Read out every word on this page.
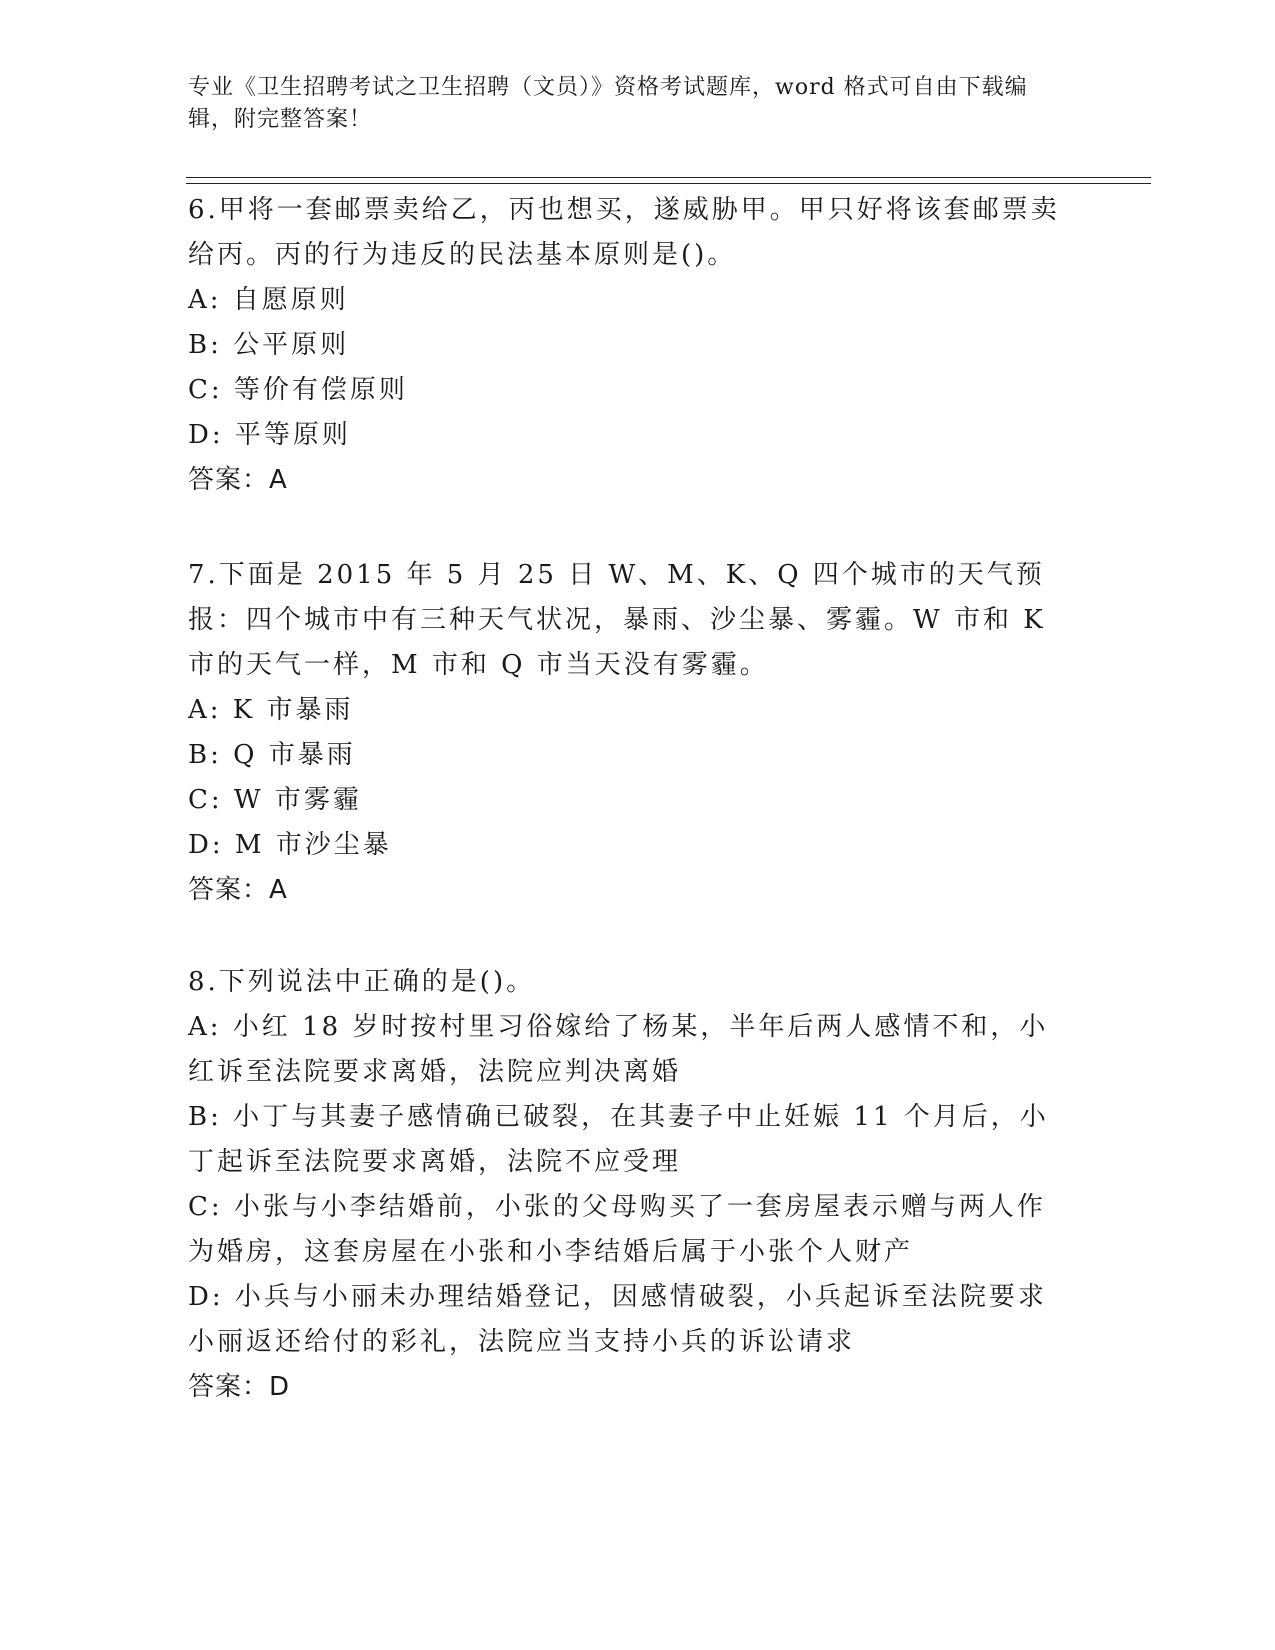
专业《卫生招聘考试之卫生招聘（文员）》资格考试题库，word 格式可自由下载编辑，附完整答案！
6.甲将一套邮票卖给乙，丙也想买，遂威胁甲。甲只好将该套邮票卖给丙。丙的行为违反的民法基本原则是()。
A: 自愿原则
B: 公平原则
C: 等价有偿原则
D: 平等原则
答案：A
7.下面是 2015 年 5 月 25 日 W、M、K、Q 四个城市的天气预报：四个城市中有三种天气状况，暴雨、沙尘暴、雾霾。W 市和 K 市的天气一样，M 市和 Q 市当天没有雾霾。
A: K 市暴雨
B: Q 市暴雨
C: W 市雾霾
D: M 市沙尘暴
答案：A
8.下列说法中正确的是()。
A: 小红 18 岁时按村里习俗嫁给了杨某，半年后两人感情不和，小红诉至法院要求离婚，法院应判决离婚
B: 小丁与其妻子感情确已破裂，在其妻子中止妊娠 11 个月后，小丁起诉至法院要求离婚，法院不应受理
C: 小张与小李结婚前，小张的父母购买了一套房屋表示赠与两人作为婚房，这套房屋在小张和小李结婚后属于小张个人财产
D: 小兵与小丽未办理结婚登记，因感情破裂，小兵起诉至法院要求小丽返还给付的彩礼，法院应当支持小兵的诉讼请求
答案：D
